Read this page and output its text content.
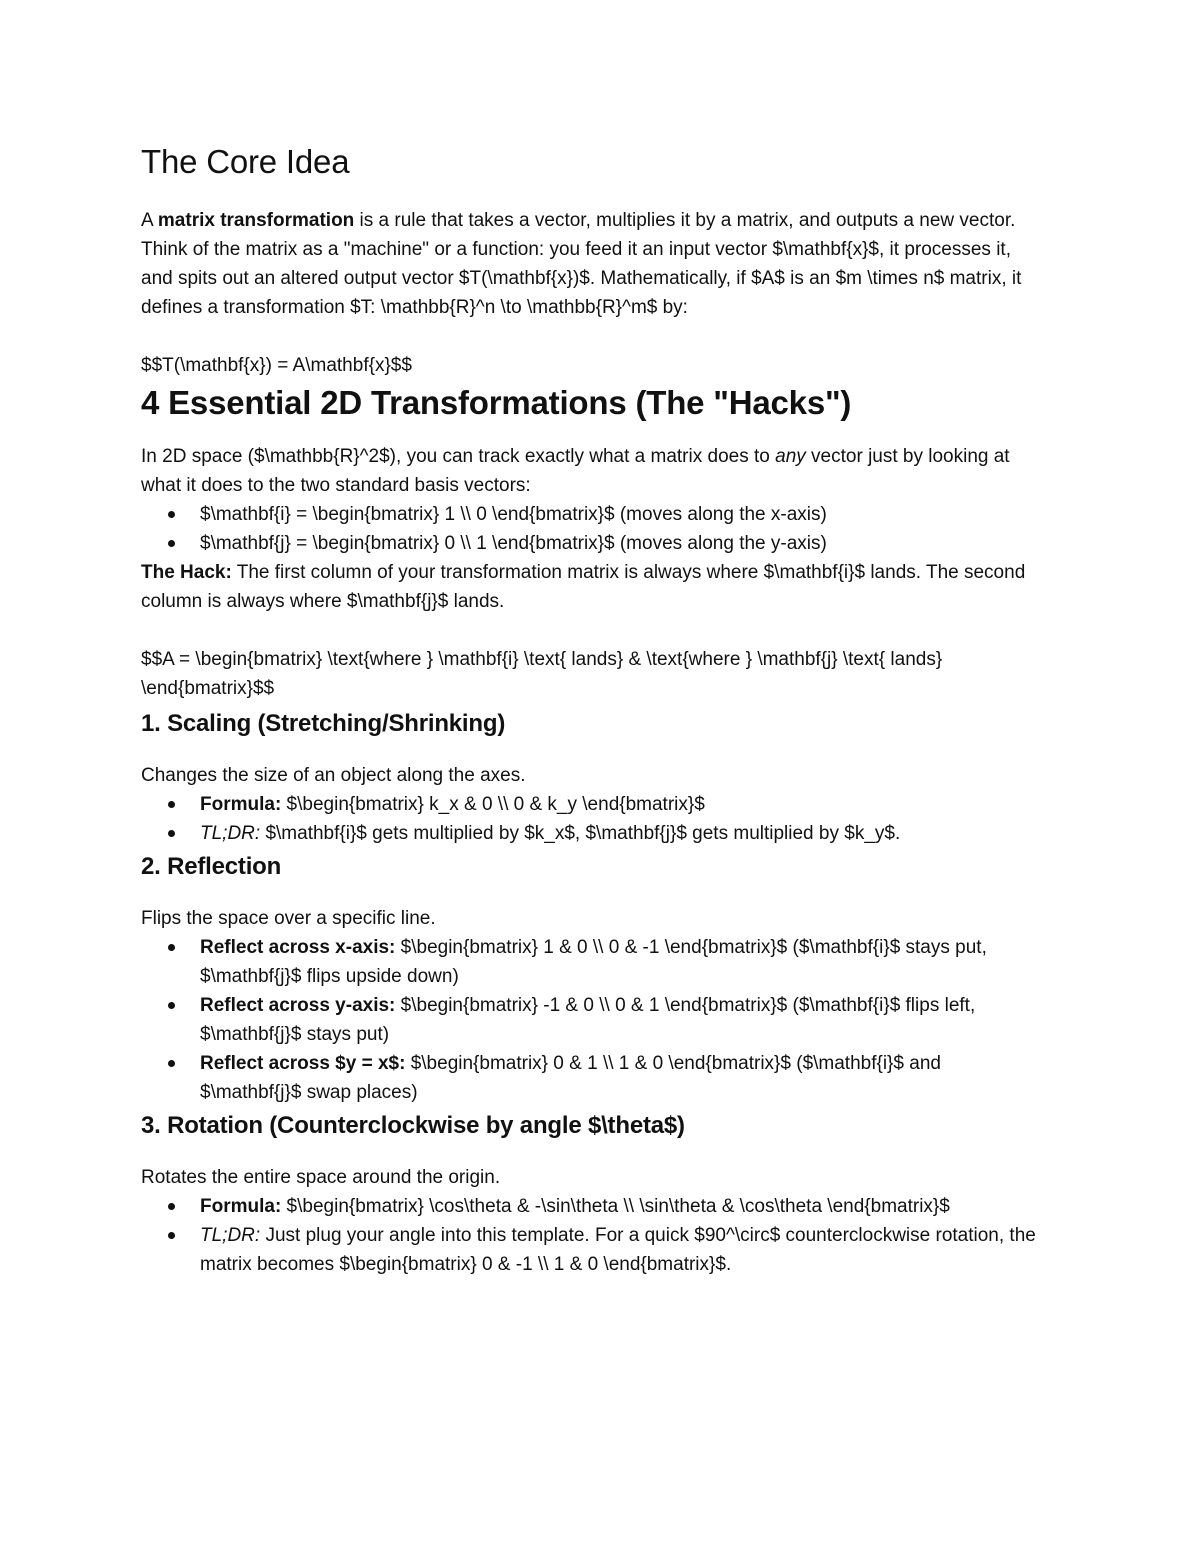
The Core Idea

A matrix transformation is a rule that takes a vector, multiplies it by a matrix, and outputs a new vector. Think of the matrix as a "machine" or a function: you feed it an input vector $\mathbf{x}$, it processes it, and spits out an altered output vector $T(\mathbf{x})$. Mathematically, if $A$ is an $m \times n$ matrix, it defines a transformation $T: \mathbb{R}^n \to \mathbb{R}^m$ by:

$$T(\mathbf{x}) = A\mathbf{x}$$

4 Essential 2D Transformations (The "Hacks")

In 2D space ($\mathbb{R}^2$), you can track exactly what a matrix does to any vector just by looking at what it does to the two standard basis vectors:

$\mathbf{i} = \begin{bmatrix} 1 \\ 0 \end{bmatrix}$ (moves along the x-axis)
$\mathbf{j} = \begin{bmatrix} 0 \\ 1 \end{bmatrix}$ (moves along the y-axis)

The Hack: The first column of your transformation matrix is always where $\mathbf{i}$ lands. The second column is always where $\mathbf{j}$ lands.

$$A = \begin{bmatrix} \text{where } \mathbf{i} \text{ lands} & \text{where } \mathbf{j} \text{ lands} \end{bmatrix}$$

1. Scaling (Stretching/Shrinking)

Changes the size of an object along the axes.

Formula: $\begin{bmatrix} k_x & 0 \\ 0 & k_y \end{bmatrix}$
TL;DR: $\mathbf{i}$ gets multiplied by $k_x$, $\mathbf{j}$ gets multiplied by $k_y$.
2. Reflection

Flips the space over a specific line.

Reflect across x-axis: $\begin{bmatrix} 1 & 0 \\ 0 & -1 \end{bmatrix}$ ($\mathbf{i}$ stays put, $\mathbf{j}$ flips upside down)
Reflect across y-axis: $\begin{bmatrix} -1 & 0 \\ 0 & 1 \end{bmatrix}$ ($\mathbf{i}$ flips left, $\mathbf{j}$ stays put)
Reflect across $y = x$: $\begin{bmatrix} 0 & 1 \\ 1 & 0 \end{bmatrix}$ ($\mathbf{i}$ and $\mathbf{j}$ swap places)
3. Rotation (Counterclockwise by angle $\theta$)

Rotates the entire space around the origin.

Formula: $\begin{bmatrix} \cos\theta & -\sin\theta \\ \sin\theta & \cos\theta \end{bmatrix}$
TL;DR: Just plug your angle into this template. For a quick $90^\circ$ counterclockwise rotation, the matrix becomes $\begin{bmatrix} 0 & -1 \\ 1 & 0 \end{bmatrix}$.
